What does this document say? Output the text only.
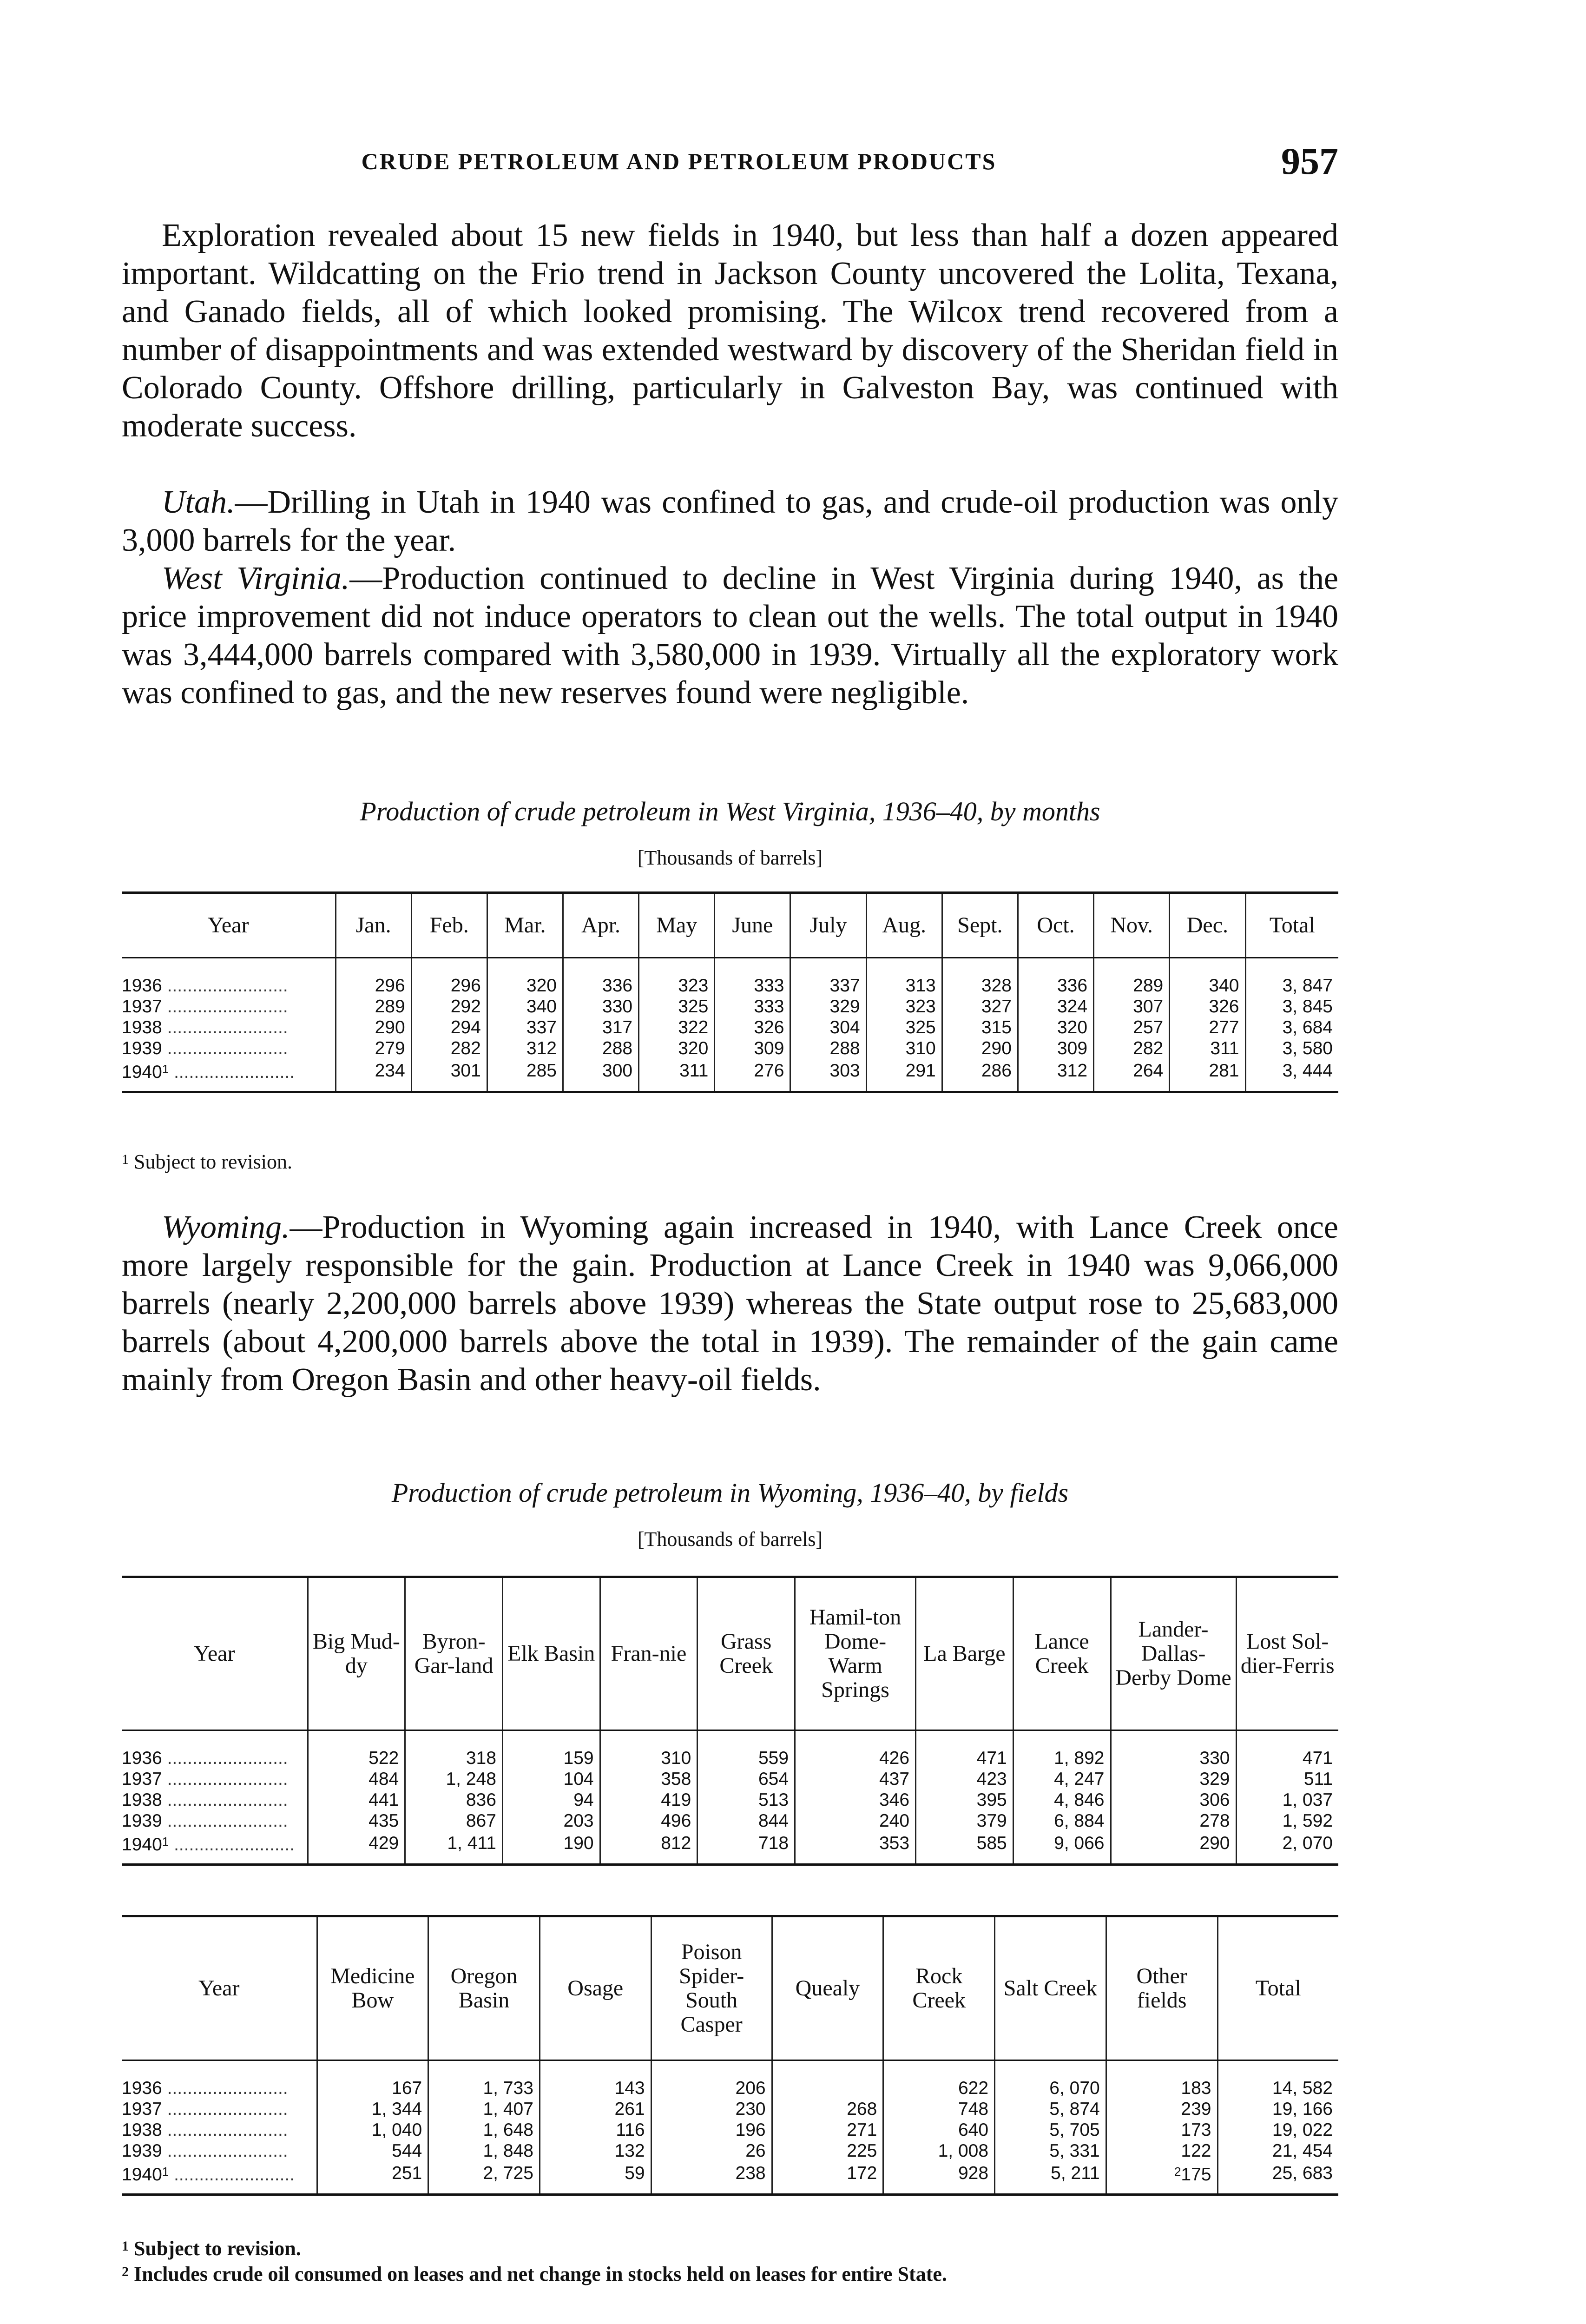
CRUDE PETROLEUM AND PETROLEUM PRODUCTS	957

Exploration revealed about 15 new fields in 1940, but less than half a dozen appeared important. Wildcatting on the Frio trend in Jackson County uncovered the Lolita, Texana, and Ganado fields, all of which looked promising. The Wilcox trend recovered from a number of disappointments and was extended westward by discovery of the Sheridan field in Colorado County. Offshore drilling, particularly in Galveston Bay, was continued with moderate success.

Utah.—Drilling in Utah in 1940 was confined to gas, and crude-oil production was only 3,000 barrels for the year.

West Virginia.—Production continued to decline in West Virginia during 1940, as the price improvement did not induce operators to clean out the wells. The total output in 1940 was 3,444,000 barrels compared with 3,580,000 in 1939. Virtually all the exploratory work was confined to gas, and the new reserves found were negligible.

Production of crude petroleum in West Virginia, 1936–40, by months
[Thousands of barrels]
Year	Jan.	Feb.	Mar.	Apr.	May	June	July	Aug.	Sept.	Oct.	Nov.	Dec.	Total
1936 ........................	296	296	320	336	323	333	337	313	328	336	289	340	3, 847
1937 ........................	289	292	340	330	325	333	329	323	327	324	307	326	3, 845
1938 ........................	290	294	337	317	322	326	304	325	315	320	257	277	3, 684
1939 ........................	279	282	312	288	320	309	288	310	290	309	282	311	3, 580
1940$^1$ ........................	234	301	285	300	311	276	303	291	286	312	264	281	3, 444
$^1$ Subject to revision.

Wyoming.—Production in Wyoming again increased in 1940, with Lance Creek once more largely responsible for the gain. Production at Lance Creek in 1940 was 9,066,000 barrels (nearly 2,200,000 barrels above 1939) whereas the State output rose to 25,683,000 barrels (about 4,200,000 barrels above the total in 1939). The remainder of the gain came mainly from Oregon Basin and other heavy-oil fields.

Production of crude petroleum in Wyoming, 1936–40, by fields
[Thousands of barrels]
Year	Big Mud-dy	Byron-Gar-land	Elk Basin	Fran-nie	Grass Creek	Hamil-ton Dome-Warm Springs	La Barge	Lance Creek	Lander-Dallas-Derby Dome	Lost Sol-dier-Ferris
1936 ........................	522	318	159	310	559	426	471	1, 892	330	471
1937 ........................	484	1, 248	104	358	654	437	423	4, 247	329	511
1938 ........................	441	836	94	419	513	346	395	4, 846	306	1, 037
1939 ........................	435	867	203	496	844	240	379	6, 884	278	1, 592
1940$^1$ ........................	429	1, 411	190	812	718	353	585	9, 066	290	2, 070
Year	Medicine Bow	Oregon Basin	Osage	Poison Spider-South Casper	Quealy	Rock Creek	Salt Creek	Other fields	Total
1936 ........................	167	1, 733	143	206		622	6, 070	183	14, 582
1937 ........................	1, 344	1, 407	261	230	268	748	5, 874	239	19, 166
1938 ........................	1, 040	1, 648	116	196	271	640	5, 705	173	19, 022
1939 ........................	544	1, 848	132	26	225	1, 008	5, 331	122	21, 454
1940$^1$ ........................	251	2, 725	59	238	172	928	5, 211	$^2$175	25, 683
$^1$ Subject to revision.
$^2$ Includes crude oil consumed on leases and net change in stocks held on leases for entire State.
